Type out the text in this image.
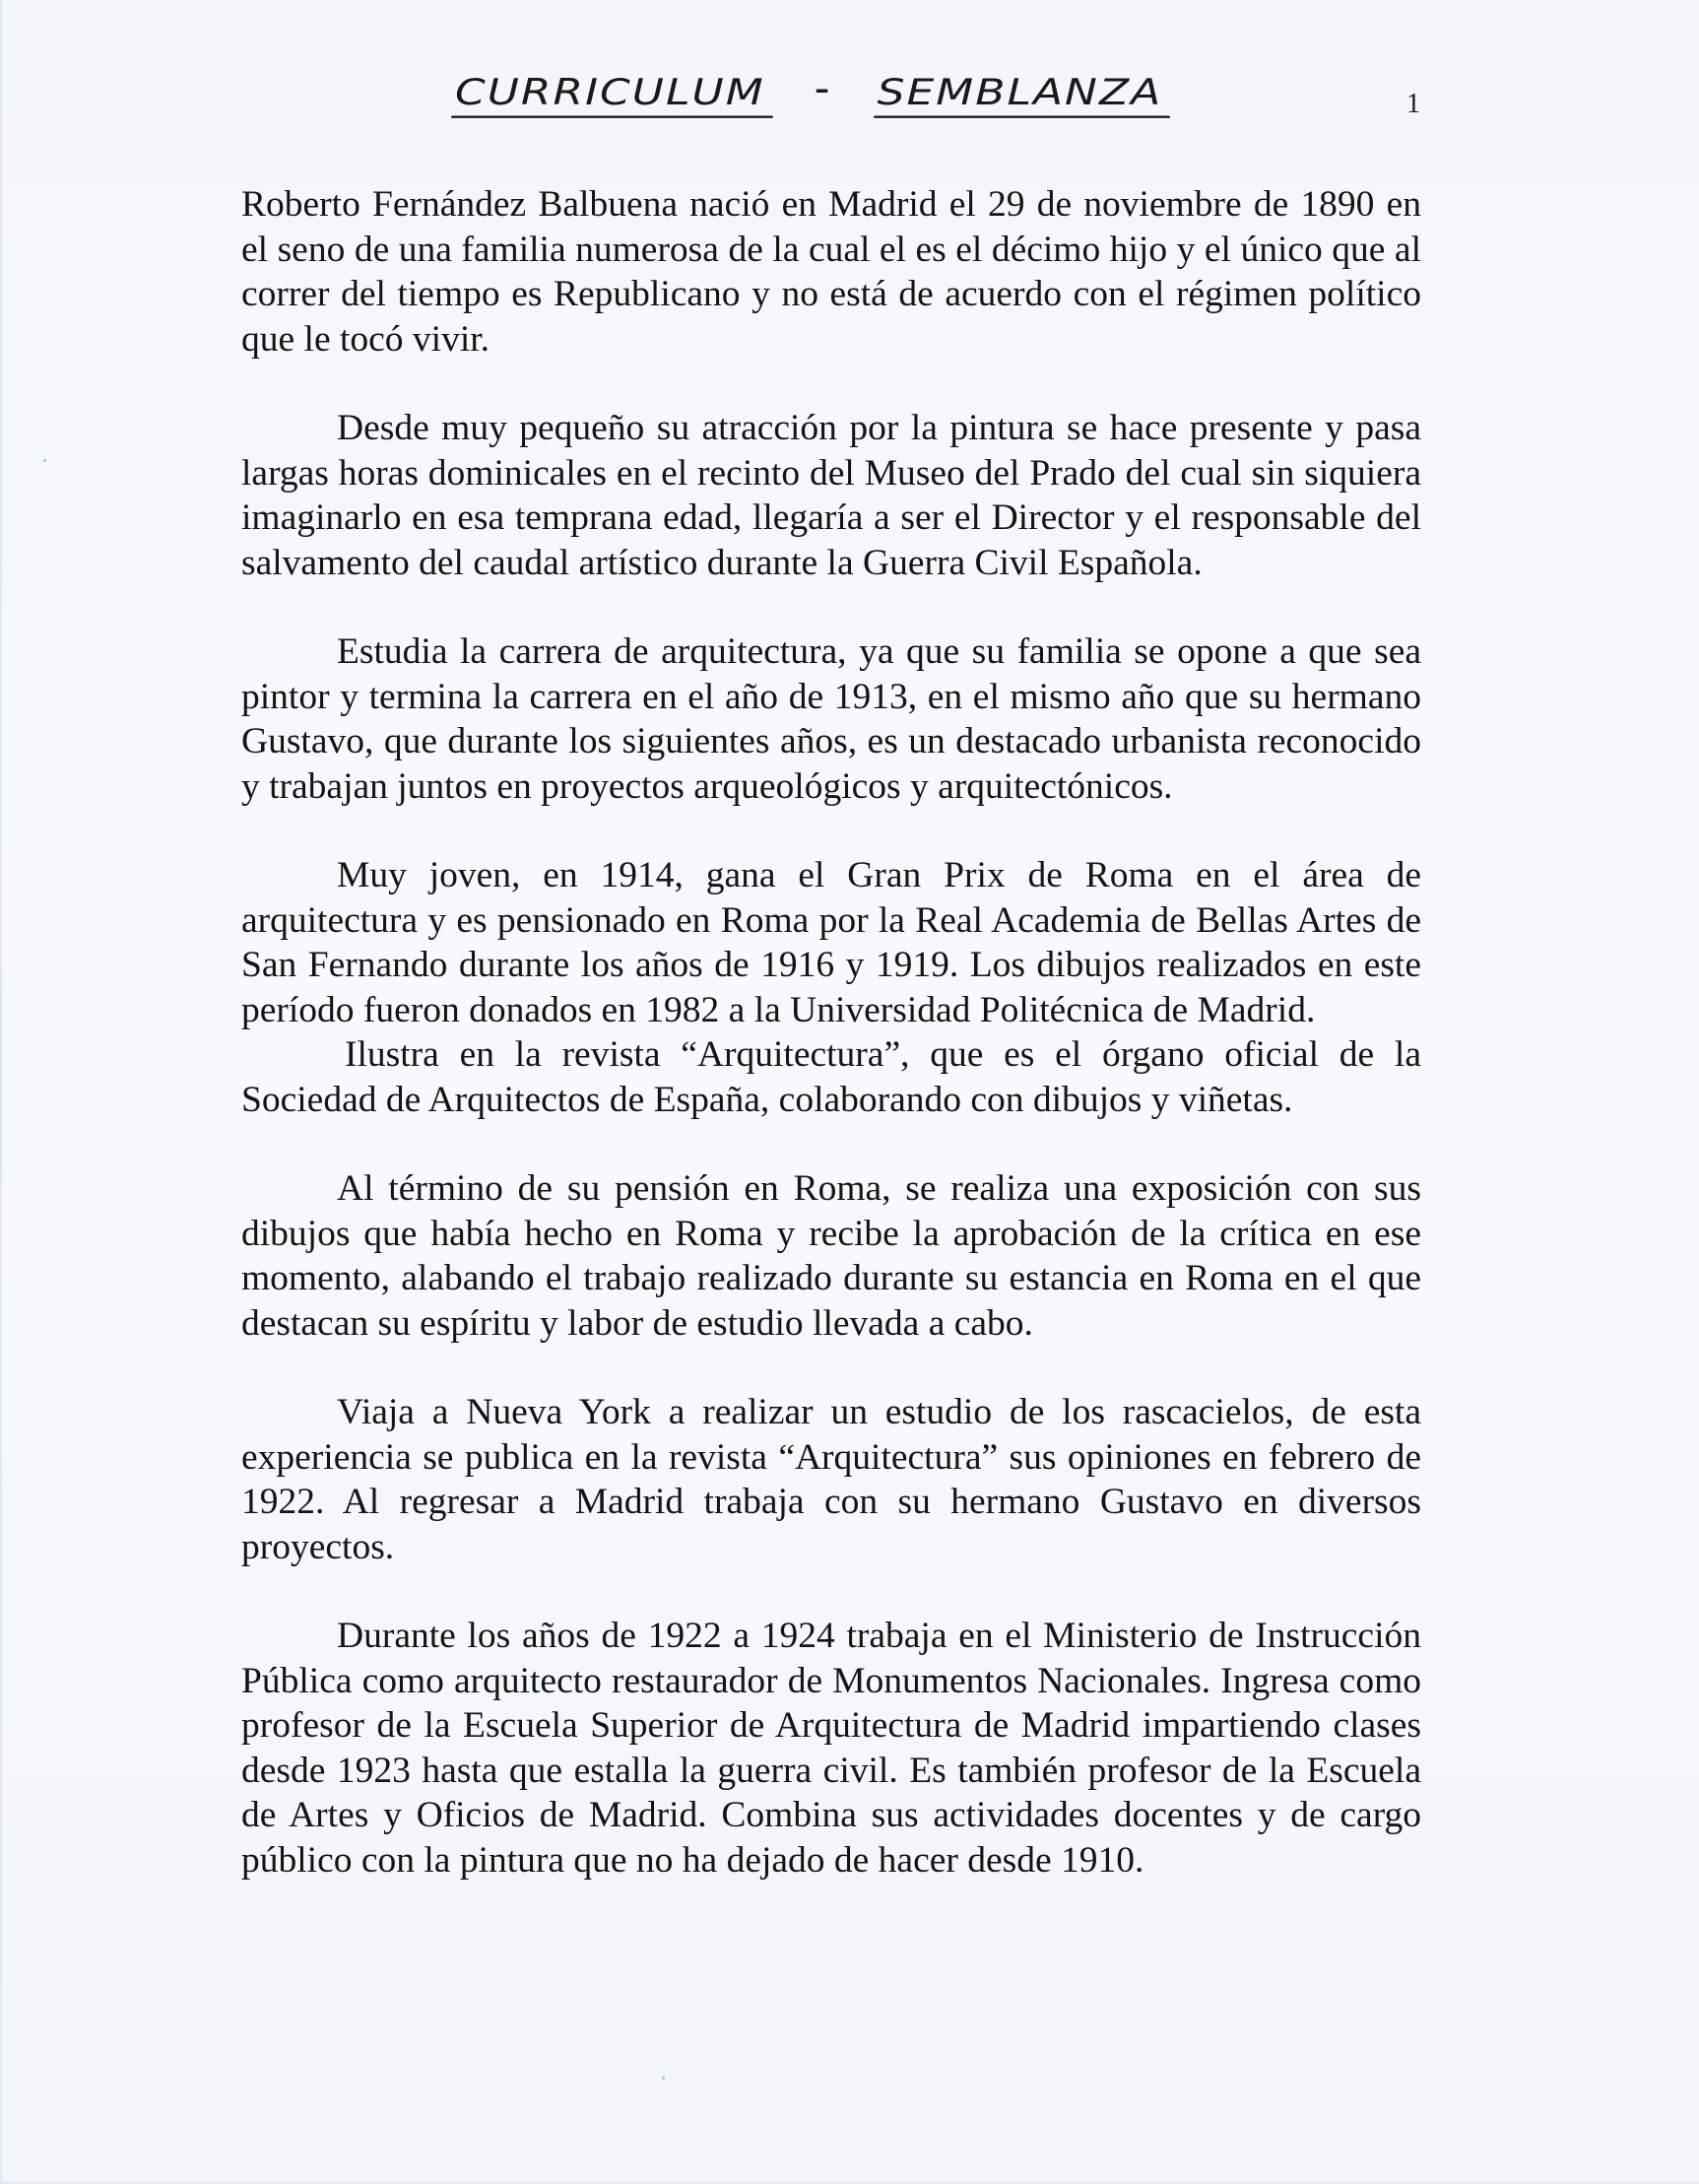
CURRICULUM - SEMBLANZA	1

Roberto Fernández Balbuena nació en Madrid el 29 de noviembre de 1890 en el seno de una familia numerosa de la cual el es el décimo hijo y el único que al correr del tiempo es Republicano y no está de acuerdo con el régimen político que le tocó vivir.

Desde muy pequeño su atracción por la pintura se hace presente y pasa largas horas dominicales en el recinto del Museo del Prado del cual sin siquiera imaginarlo en esa temprana edad, llegaría a ser el Director y el responsable del salvamento del caudal artístico durante la Guerra Civil Española.

Estudia la carrera de arquitectura, ya que su familia se opone a que sea pintor y termina la carrera en el año de 1913, en el mismo año que su hermano Gustavo, que durante los siguientes años, es un destacado urbanista reconocido y trabajan juntos en proyectos arqueológicos y arquitectónicos.

Muy joven, en 1914, gana el Gran Prix de Roma en el área de arquitectura y es pensionado en Roma por la Real Academia de Bellas Artes de San Fernando durante los años de 1916 y 1919. Los dibujos realizados en este período fueron donados en 1982 a la Universidad Politécnica de Madrid.

Ilustra en la revista “Arquitectura”, que es el órgano oficial de la Sociedad de Arquitectos de España, colaborando con dibujos y viñetas.

Al término de su pensión en Roma, se realiza una exposición con sus dibujos que había hecho en Roma y recibe la aprobación de la crítica en ese momento, alabando el trabajo realizado durante su estancia en Roma en el que destacan su espíritu y labor de estudio llevada a cabo.

Viaja a Nueva York a realizar un estudio de los rascacielos, de esta experiencia se publica en la revista “Arquitectura” sus opiniones en febrero de 1922. Al regresar a Madrid trabaja con su hermano Gustavo en diversos proyectos.

Durante los años de 1922 a 1924 trabaja en el Ministerio de Instrucción Pública como arquitecto restaurador de Monumentos Nacionales. Ingresa como profesor de la Escuela Superior de Arquitectura de Madrid impartiendo clases desde 1923 hasta que estalla la guerra civil. Es también profesor de la Escuela de Artes y Oficios de Madrid. Combina sus actividades docentes y de cargo público con la pintura que no ha dejado de hacer desde 1910.
